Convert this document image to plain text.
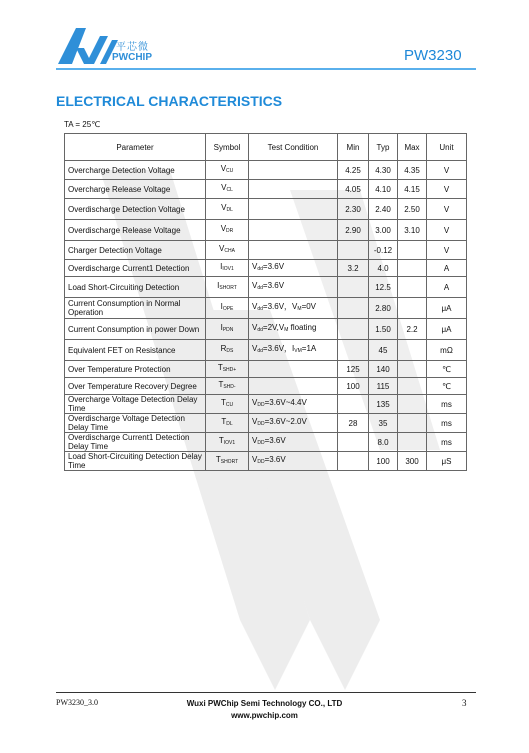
平芯微
PWCHIP	PW3230
ELECTRICAL CHARACTERISTICS
TA = 25℃
Parameter	Symbol	Test Condition	Min	Typ	Max	Unit
Overcharge Detection Voltage	$V_{CU}$		4.25	4.30	4.35	V
Overcharge Release Voltage	$V_{CL}$		4.05	4.10	4.15	V
Overdischarge Detection Voltage	$V_{DL}$		2.30	2.40	2.50	V
Overdischarge Release Voltage	$V_{DR}$		2.90	3.00	3.10	V
Charger Detection Voltage	$V_{CHA}$			-0.12		V
Overdischarge Current1 Detection	$I_{IOV1}$	$V_{dd}=3.6V$	3.2	4.0		A
Load Short-Circuiting Detection	$I_{SHORT}$	$V_{dd}=3.6V$		12.5		A
Current Consumption in Normal Operation	$I_{OPE}$	$V_{dd}=3.6V$，$V_M=0V$		2.80		μA
Current Consumption in power Down	$I_{PDN}$	$V_{dd}=2V,V_M$ floating		1.50	2.2	μA
Equivalent FET on Resistance	$R_{DS}$	$V_{dd}=3.6V$，$I_{VM}=1A$		45		mΩ
Over Temperature Protection	$T_{SHD+}$		125	140		℃
Over Temperature Recovery Degree	$T_{SHD-}$		100	115		℃
Overcharge Voltage Detection Delay Time	$T_{CU}$	$V_{DD}=3.6V\sim 4.4V$		135		ms
Overdischarge Voltage Detection Delay Time	$T_{DL}$	$V_{DD}=3.6V\sim 2.0V$	28	35		ms
Overdischarge Current1 Detection Delay Time	$T_{IOV1}$	$V_{DD}=3.6V$		8.0		ms
Load Short-Circuiting Detection Delay Time	$T_{SHORT}$	$V_{DD}=3.6V$		100	300	μS
PW3230_3.0	Wuxi PWChip Semi Technology CO., LTD
www.pwchip.com
3
